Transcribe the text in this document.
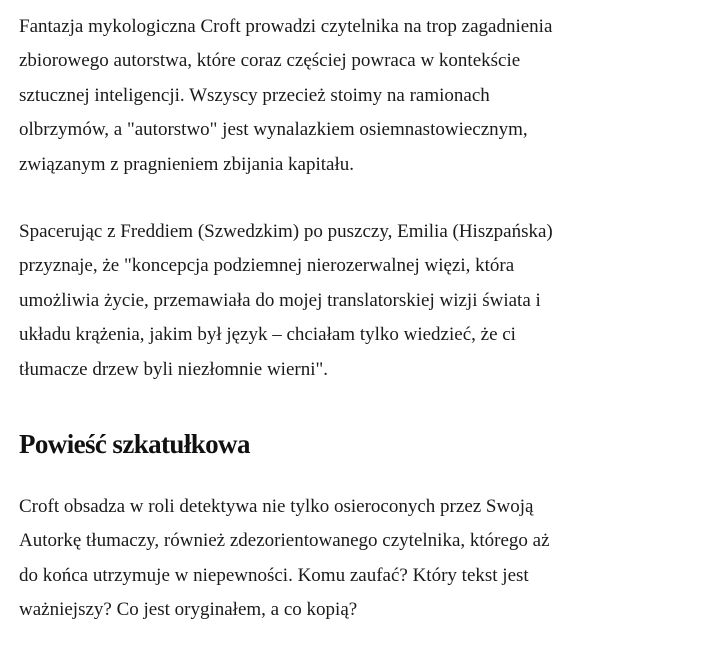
Fantazja mykologiczna Croft prowadzi czytelnika na trop zagadnienia
zbiorowego autorstwa, które coraz częściej powraca w kontekście
sztucznej inteligencji. Wszyscy przecież stoimy na ramionach
olbrzymów, a "autorstwo" jest wynalazkiem osiemnastowiecznym,
związanym z pragnieniem zbijania kapitału.

Spacerując z Freddiem (Szwedzkim) po puszczy, Emilia (Hiszpańska)
przyznaje, że "koncepcja podziemnej nierozerwalnej więzi, która
umożliwia życie, przemawiała do mojej translatorskiej wizji świata i
układu krążenia, jakim był język – chciałam tylko wiedzieć, że ci
tłumacze drzew byli niezłomnie wierni".

Powieść szkatułkowa

Croft obsadza w roli detektywa nie tylko osieroconych przez Swoją
Autorkę tłumaczy, również zdezorientowanego czytelnika, którego aż
do końca utrzymuje w niepewności. Komu zaufać? Który tekst jest
ważniejszy? Co jest oryginałem, a co kopią?
